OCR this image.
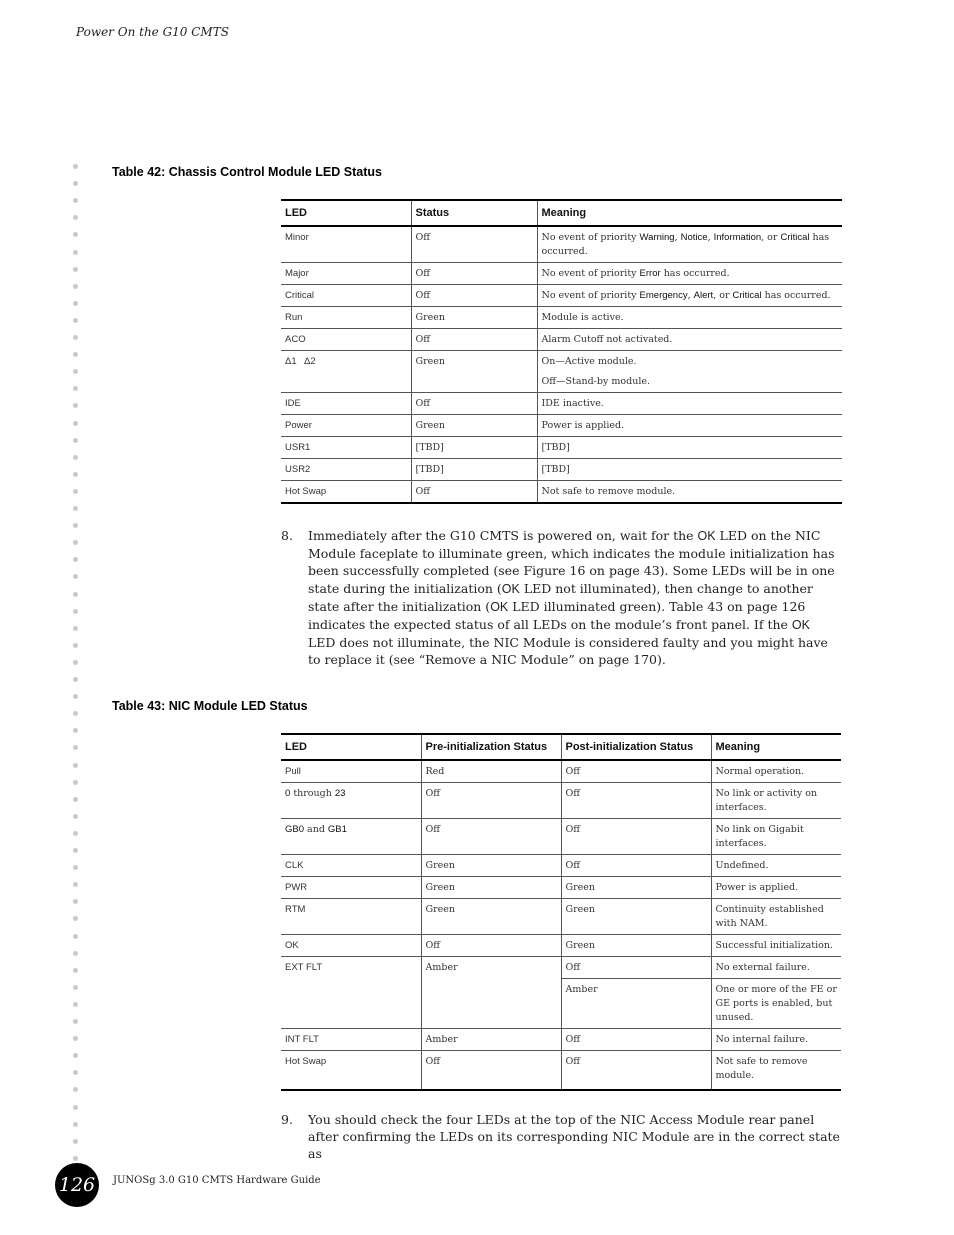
Power On the G10 CMTS
Table 42: Chassis Control Module LED Status
LED	Status	Meaning
Minor	Off	No event of priority Warning, Notice, Information, or Critical has occurred.
Major	Off	No event of priority Error has occurred.
Critical	Off	No event of priority Emergency, Alert, or Critical has occurred.
Run	Green	Module is active.
ACO	Off	Alarm Cutoff not activated.
Δ1   Δ2	Green	On—Active module.
Off—Stand-by module.

IDE	Off	IDE inactive.
Power	Green	Power is applied.
USR1	[TBD]	[TBD]
USR2	[TBD]	[TBD]
Hot Swap	Off	Not safe to remove module.
8. Immediately after the G10 CMTS is powered on, wait for the OK LED on the NIC Module faceplate to illuminate green, which indicates the module initialization has been successfully completed (see Figure 16 on page 43). Some LEDs will be in one state during the initialization (OK LED not illuminated), then change to another state after the initialization (OK LED illuminated green). Table 43 on page 126 indicates the expected status of all LEDs on the module’s front panel. If the OK LED does not illuminate, the NIC Module is considered faulty and you might have to replace it (see “Remove a NIC Module” on page 170).
Table 43: NIC Module LED Status
LED	Pre-initialization Status	Post-initialization Status	Meaning
Pull	Red	Off	Normal operation.
0 through 23	Off	Off	No link or activity on interfaces.
GB0 and GB1	Off	Off	No link on Gigabit interfaces.
CLK	Green	Off	Undefined.
PWR	Green	Green	Power is applied.
RTM	Green	Green	Continuity established with NAM.
OK	Off	Green	Successful initialization.
EXT FLT	Amber	Off	No external failure.
		Amber	One or more of the FE or GE ports is enabled, but unused.
INT FLT	Amber	Off	No internal failure.
Hot Swap	Off	Off	Not safe to remove module.
9. You should check the four LEDs at the top of the NIC Access Module rear panel after confirming the LEDs on its corresponding NIC Module are in the correct state as
126	JUNOSg 3.0 G10 CMTS Hardware Guide
